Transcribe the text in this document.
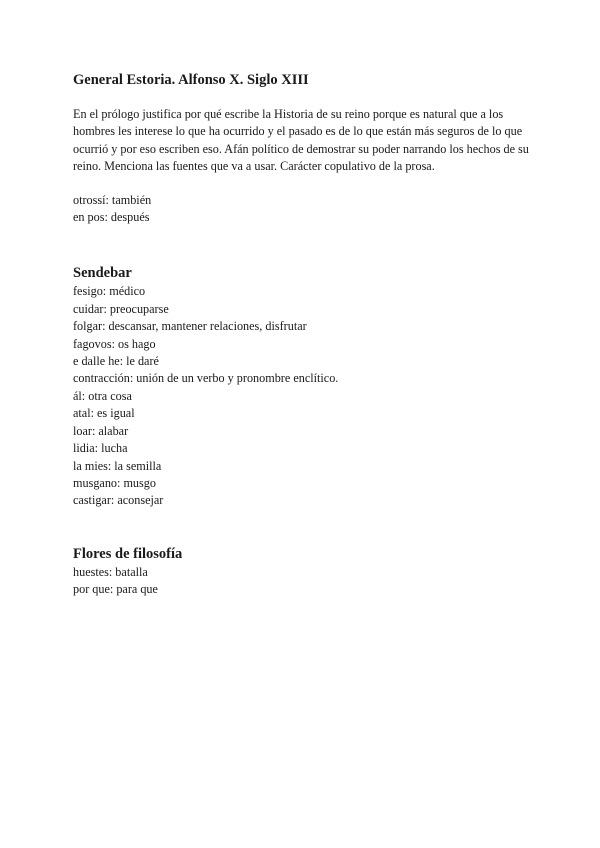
General Estoria. Alfonso X. Siglo XIII

En el prólogo justifica por qué escribe la Historia de su reino porque es natural que a los hombres les interese lo que ha ocurrido y el pasado es de lo que están más seguros de lo que ocurrió y por eso escriben eso. Afán político de demostrar su poder narrando los hechos de su reino. Menciona las fuentes que va a usar. Carácter copulativo de la prosa.

otrossí: también
en pos: después
Sendebar
fesigo: médico
cuidar: preocuparse
folgar: descansar, mantener relaciones, disfrutar
fagovos: os hago
e dalle he: le daré
contracción: unión de un verbo y pronombre enclítico.
ál: otra cosa
atal: es igual
loar: alabar
lidia: lucha
la mies: la semilla
musgano: musgo
castigar: aconsejar
Flores de filosofía
huestes: batalla
por que: para que
